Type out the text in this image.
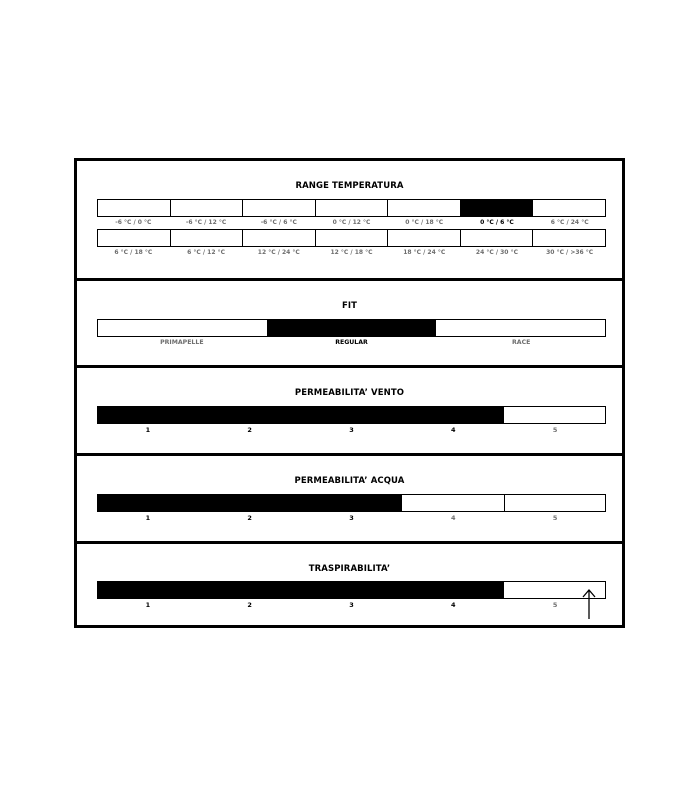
RANGE TEMPERATURA
-6 °C / 0 °C	-6 °C / 12 °C	-6 °C / 6 °C	0 °C / 12 °C	0 °C / 18 °C	0 °C / 6 °C	6 °C / 24 °C
6 °C / 18 °C	6 °C / 12 °C	12 °C / 24 °C	12 °C / 18 °C	18 °C / 24 °C	24 °C / 30 °C	30 °C / >36 °C
FIT
PRIMAPELLE	REGULAR	RACE
PERMEABILITA’ VENTO
1	2	3	4	5
PERMEABILITA’ ACQUA
1	2	3	4	5
TRASPIRABILITA’
1	2	3	4	5
